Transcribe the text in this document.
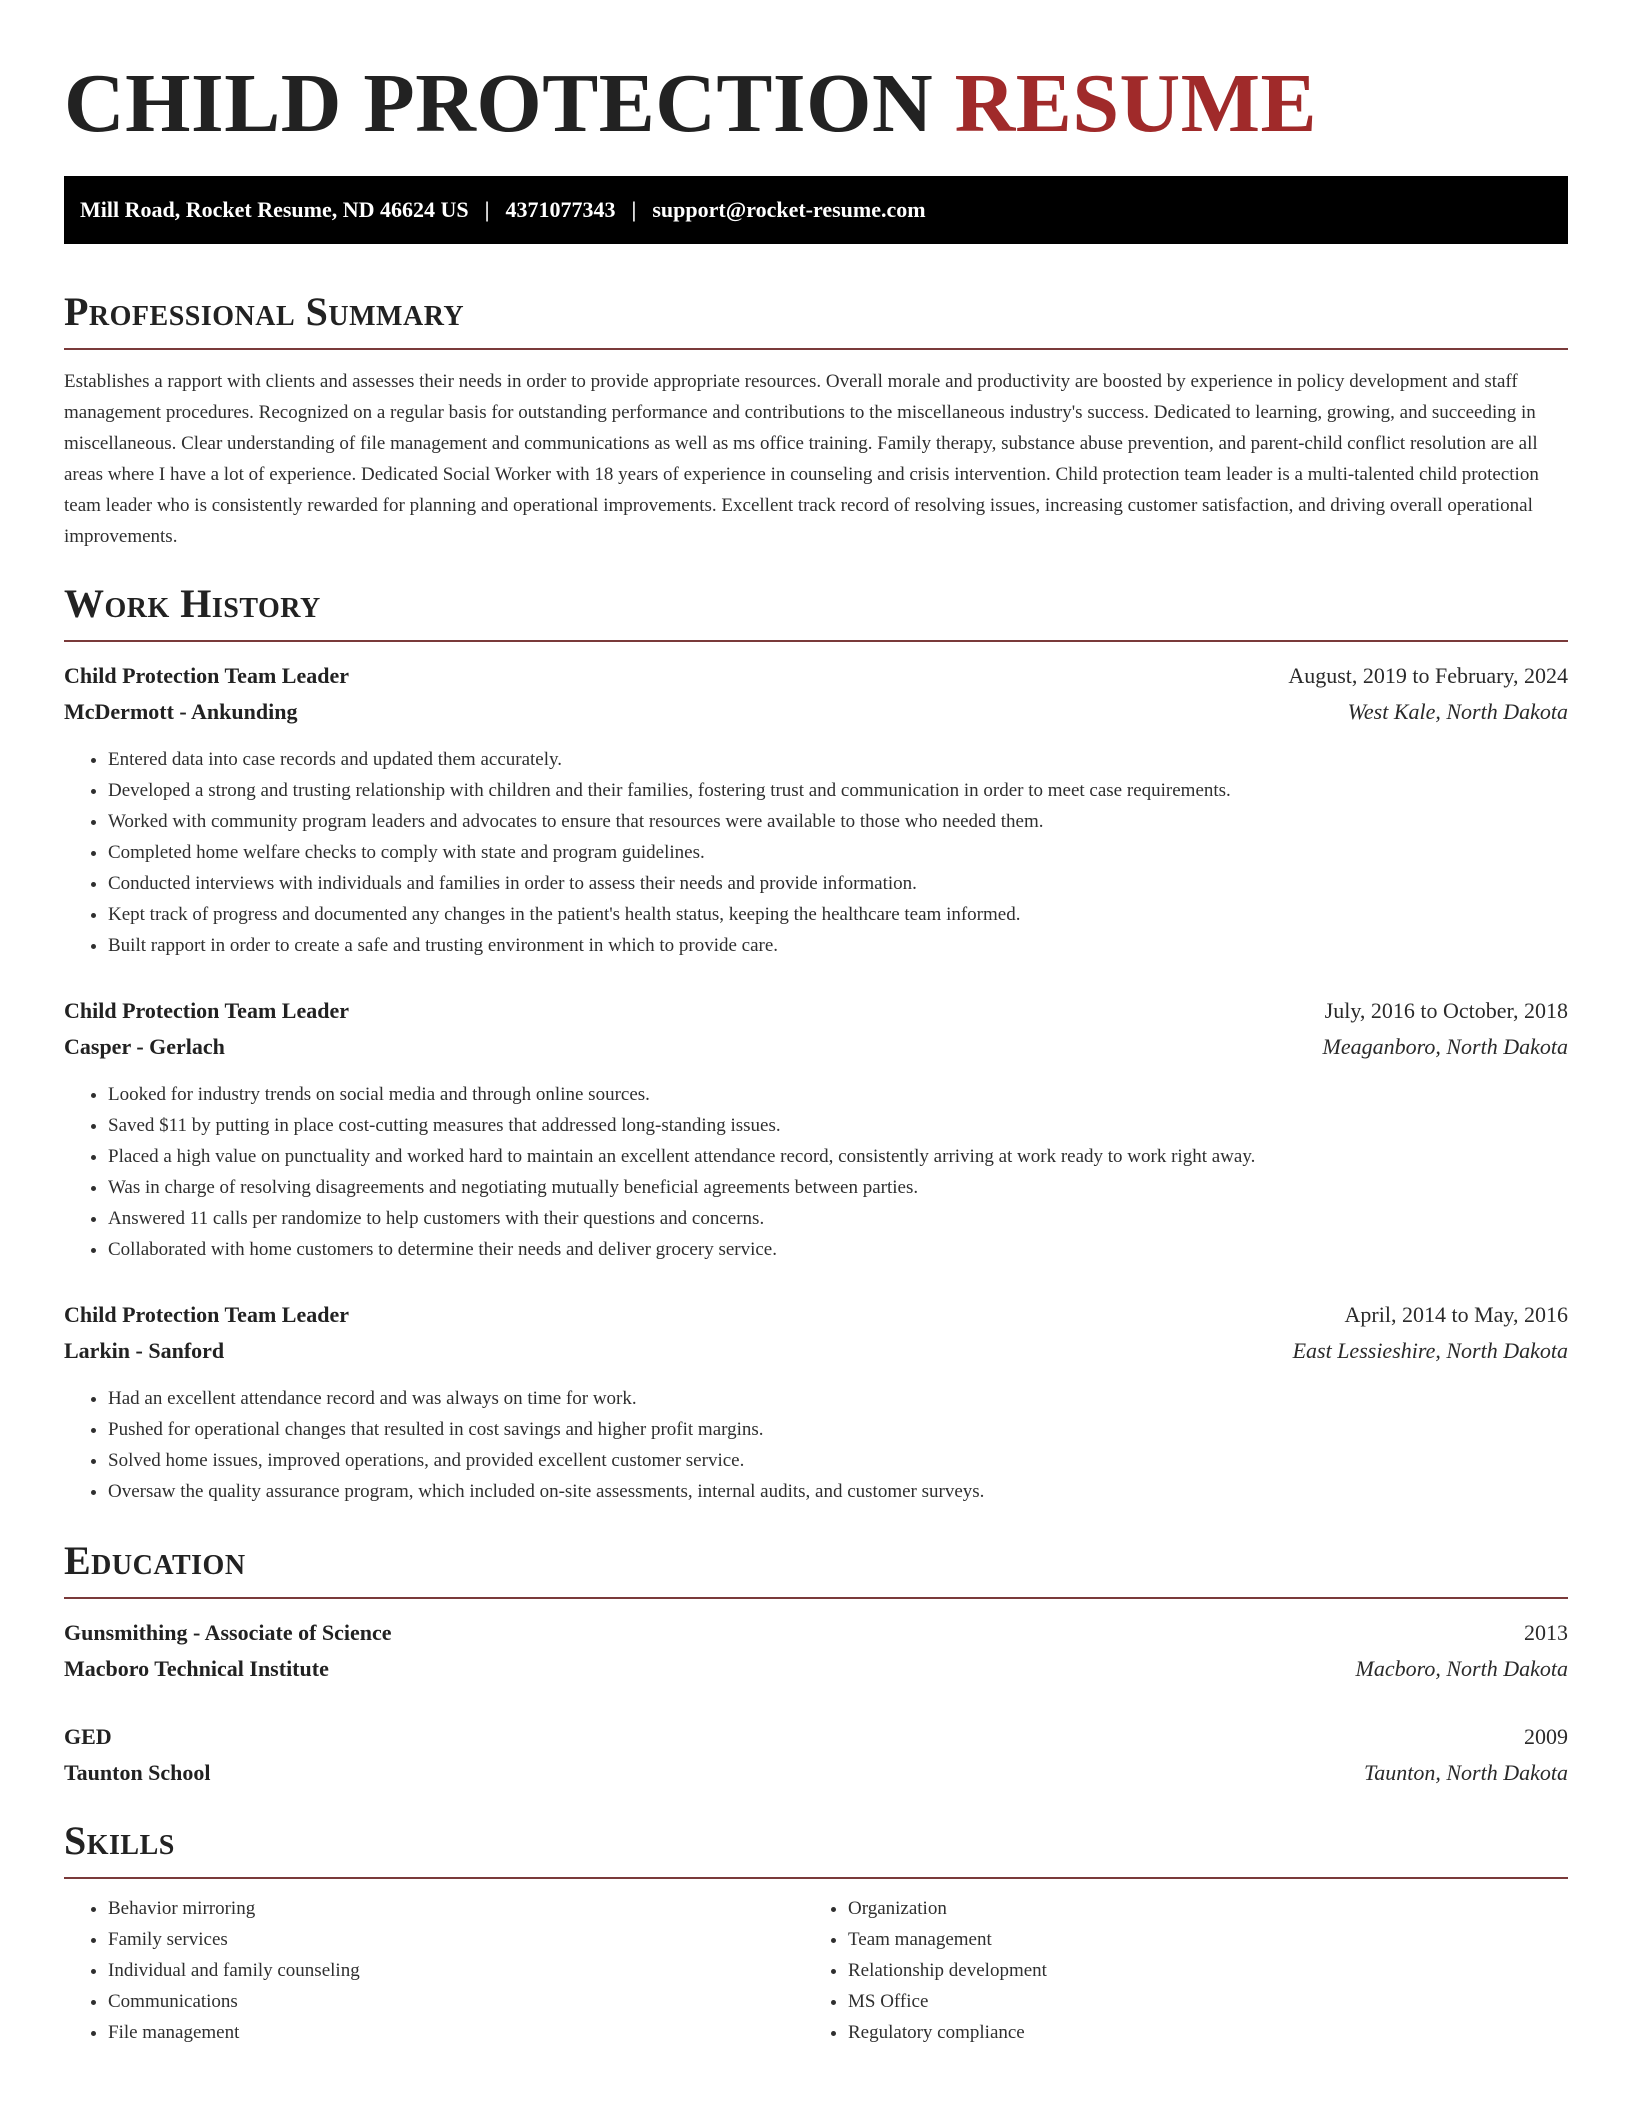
CHILD PROTECTION RESUME
Mill Road, Rocket Resume, ND 46624 US | 4371077343 | support@rocket-resume.com
Professional Summary

Establishes a rapport with clients and assesses their needs in order to provide appropriate resources. Overall morale and productivity are boosted by experience in policy development and staff management procedures. Recognized on a regular basis for outstanding performance and contributions to the miscellaneous industry's success. Dedicated to learning, growing, and succeeding in miscellaneous. Clear understanding of file management and communications as well as ms office training. Family therapy, substance abuse prevention, and parent-child conflict resolution are all areas where I have a lot of experience. Dedicated Social Worker with 18 years of experience in counseling and crisis intervention. Child protection team leader is a multi-talented child protection team leader who is consistently rewarded for planning and operational improvements. Excellent track record of resolving issues, increasing customer satisfaction, and driving overall operational improvements.

Work History
Child Protection Team Leader	August, 2019 to February, 2024
McDermott - Ankunding	West Kale, North Dakota
• Entered data into case records and updated them accurately.
• Developed a strong and trusting relationship with children and their families, fostering trust and communication in order to meet case requirements.
• Worked with community program leaders and advocates to ensure that resources were available to those who needed them.
• Completed home welfare checks to comply with state and program guidelines.
• Conducted interviews with individuals and families in order to assess their needs and provide information.
• Kept track of progress and documented any changes in the patient's health status, keeping the healthcare team informed.
• Built rapport in order to create a safe and trusting environment in which to provide care.
Child Protection Team Leader	July, 2016 to October, 2018
Casper - Gerlach	Meaganboro, North Dakota
• Looked for industry trends on social media and through online sources.
• Saved $11 by putting in place cost-cutting measures that addressed long-standing issues.
• Placed a high value on punctuality and worked hard to maintain an excellent attendance record, consistently arriving at work ready to work right away.
• Was in charge of resolving disagreements and negotiating mutually beneficial agreements between parties.
• Answered 11 calls per randomize to help customers with their questions and concerns.
• Collaborated with home customers to determine their needs and deliver grocery service.
Child Protection Team Leader	April, 2014 to May, 2016
Larkin - Sanford	East Lessieshire, North Dakota
• Had an excellent attendance record and was always on time for work.
• Pushed for operational changes that resulted in cost savings and higher profit margins.
• Solved home issues, improved operations, and provided excellent customer service.
• Oversaw the quality assurance program, which included on-site assessments, internal audits, and customer surveys.
Education
Gunsmithing - Associate of Science	2013
Macboro Technical Institute	Macboro, North Dakota
GED	2009
Taunton School	Taunton, North Dakota
Skills
• Behavior mirroring
• Family services
• Individual and family counseling
• Communications
• File management
• Organization
• Team management
• Relationship development
• MS Office
• Regulatory compliance
